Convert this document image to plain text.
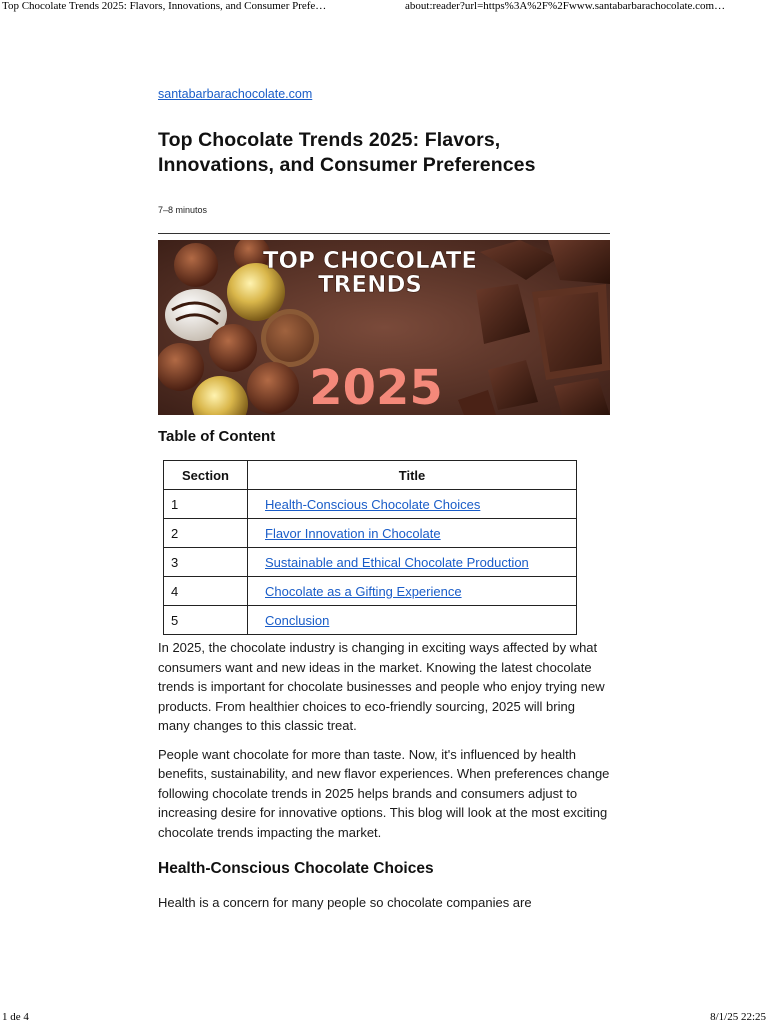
Top Chocolate Trends 2025: Flavors, Innovations, and Consumer Prefe…	about:reader?url=https%3A%2F%2Fwww.santabarbarachocolate.com…
santabarbarachocolate.com
Top Chocolate Trends 2025: Flavors, Innovations, and Consumer Preferences
7–8 minutos
TOP CHOCOLATE
TRENDS
2025
Table of Content
Section	Title
1	Health-Conscious Chocolate Choices
2	Flavor Innovation in Chocolate
3	Sustainable and Ethical Chocolate Production
4	Chocolate as a Gifting Experience
5	Conclusion

In 2025, the chocolate industry is changing in exciting ways affected by what consumers want and new ideas in the market. Knowing the latest chocolate trends is important for chocolate businesses and people who enjoy trying new products. From healthier choices to eco-friendly sourcing, 2025 will bring many changes to this classic treat.

People want chocolate for more than taste. Now, it's influenced by health benefits, sustainability, and new flavor experiences. When preferences change following chocolate trends in 2025 helps brands and consumers adjust to increasing desire for innovative options. This blog will look at the most exciting chocolate trends impacting the market.

Health-Conscious Chocolate Choices

Health is a concern for many people so chocolate companies are

1 de 4	8/1/25 22:25
